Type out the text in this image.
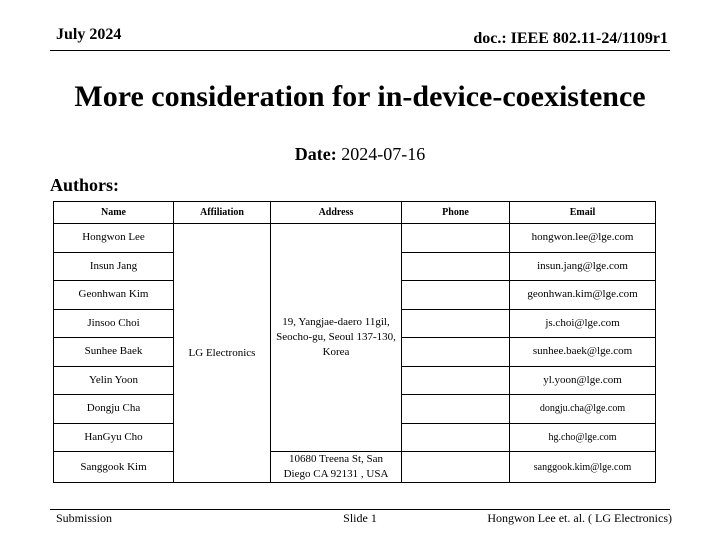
July 2024	doc.: IEEE 802.11-24/1109r1
More consideration for in-device-coexistence
Date: 2024-07-16
Authors:
Name	Affiliation	Address	Phone	Email
Hongwon Lee	LG Electronics	19, Yangjae-daero 11gil, Seocho-gu, Seoul 137-130, Korea		hongwon.lee@lge.com
Insun Jang				insun.jang@lge.com
Geonhwan Kim				geonhwan.kim@lge.com
Jinsoo Choi				js.choi@lge.com
Sunhee Baek				sunhee.baek@lge.com
Yelin Yoon				yl.yoon@lge.com
Dongju Cha				dongju.cha@lge.com
HanGyu Cho				hg.cho@lge.com
Sanggook Kim		10680 Treena St, San Diego CA 92131 , USA		sanggook.kim@lge.com
Submission	Slide 1	Hongwon Lee et. al. ( LG Electronics)
